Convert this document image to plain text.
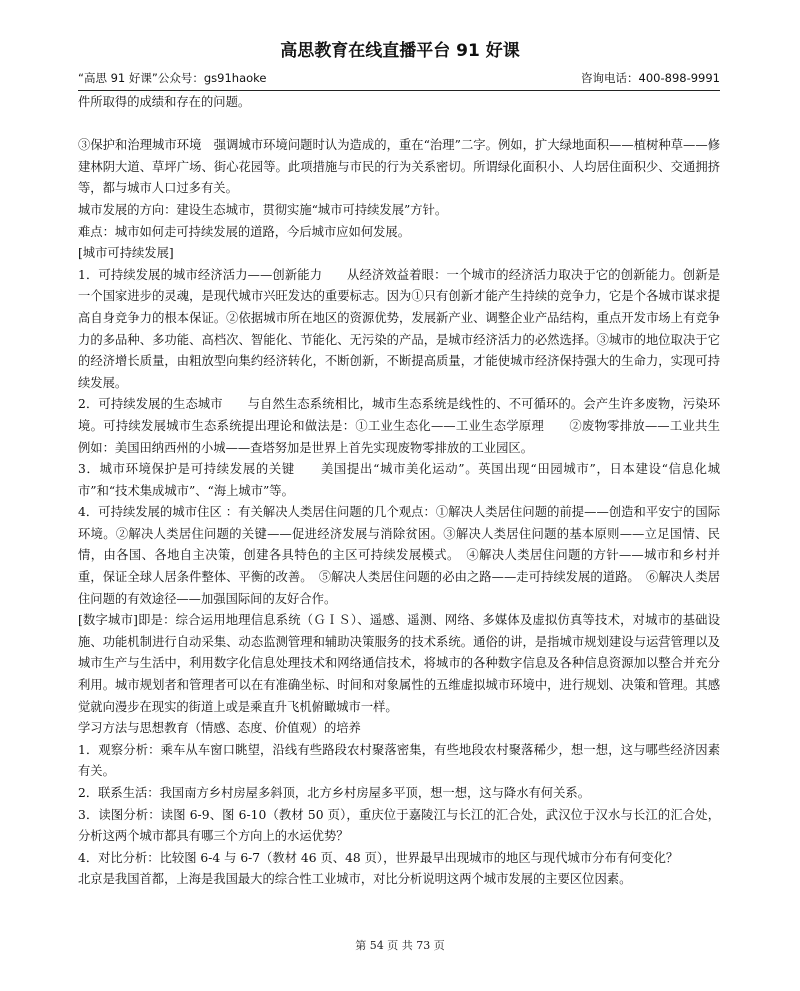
高思教育在线直播平台 91 好课
“高思 91 好课”公众号：gs91haoke	咨询电话：400-898-9991

件所取得的成绩和存在的问题。

③保护和治理城市环境　强调城市环境问题时认为造成的，重在“治理”二字。例如，扩大绿地面积——植树种草——修建林阴大道、草坪广场、街心花园等。此项措施与市民的行为关系密切。所谓绿化面积小、人均居住面积少、交通拥挤等，都与城市人口过多有关。

城市发展的方向：建设生态城市，贯彻实施“城市可持续发展”方针。

难点：城市如何走可持续发展的道路，今后城市应如何发展。

[城市可持续发展]

1．可持续发展的城市经济活力——创新能力　　从经济效益着眼：一个城市的经济活力取决于它的创新能力。创新是一个国家进步的灵魂，是现代城市兴旺发达的重要标志。因为①只有创新才能产生持续的竞争力，它是个各城市谋求提高自身竞争力的根本保证。②依据城市所在地区的资源优势，发展新产业、调整企业产品结构，重点开发市场上有竞争力的多品种、多功能、高档次、智能化、节能化、无污染的产品，是城市经济活力的必然选择。③城市的地位取决于它的经济增长质量，由粗放型向集约经济转化，不断创新，不断提高质量，才能使城市经济保持强大的生命力，实现可持续发展。

2．可持续发展的生态城市　　与自然生态系统相比，城市生态系统是线性的、不可循环的。会产生许多废物，污染环境。可持续发展城市生态系统提出理论和做法是：①工业生态化——工业生态学原理　　②废物零排放——工业共生 例如：美国田纳西州的小城——查塔努加是世界上首先实现废物零排放的工业园区。

3．城市环境保护是可持续发展的关键　　美国提出“城市美化运动”。英国出现“田园城市”，日本建设“信息化城市”和“技术集成城市”、“海上城市”等。

4．可持续发展的城市住区 ：有关解决人类居住问题的几个观点：①解决人类居住问题的前提——创造和平安宁的国际环境。②解决人类居住问题的关键——促进经济发展与消除贫困。③解决人类居住问题的基本原则——立足国情、民情，由各国、各地自主决策，创建各具特色的主区可持续发展模式。　④解决人类居住问题的方针——城市和乡村并重，保证全球人居条件整体、平衡的改善。　⑤解决人类居住问题的必由之路——走可持续发展的道路。　⑥解决人类居住问题的有效途径——加强国际间的友好合作。

[数字城市]即是：综合运用地理信息系统（ＧＩＳ）、遥感、遥测、网络、多媒体及虚拟仿真等技术，对城市的基础设施、功能机制进行自动采集、动态监测管理和辅助决策服务的技术系统。通俗的讲，是指城市规划建设与运营管理以及城市生产与生活中，利用数字化信息处理技术和网络通信技术，将城市的各种数字信息及各种信息资源加以整合并充分利用。城市规划者和管理者可以在有准确坐标、时间和对象属性的五维虚拟城市环境中，进行规划、决策和管理。其感觉就向漫步在现实的街道上或是乘直升飞机俯瞰城市一样。

学习方法与思想教育（情感、态度、价值观）的培养

1．观察分析：乘车从车窗口眺望，沿线有些路段农村聚落密集，有些地段农村聚落稀少，想一想，这与哪些经济因素有关。

2．联系生活：我国南方乡村房屋多斜顶，北方乡村房屋多平顶，想一想，这与降水有何关系。

3．读图分析：读图 6-9、图 6-10（教材 50 页），重庆位于嘉陵江与长江的汇合处，武汉位于汉水与长江的汇合处，分析这两个城市都具有哪三个方向上的水运优势？

4．对比分析：比较图 6-4 与 6-7（教材 46 页、48 页），世界最早出现城市的地区与现代城市分布有何变化？

北京是我国首都，上海是我国最大的综合性工业城市，对比分析说明这两个城市发展的主要区位因素。

第 54 页 共 73 页
